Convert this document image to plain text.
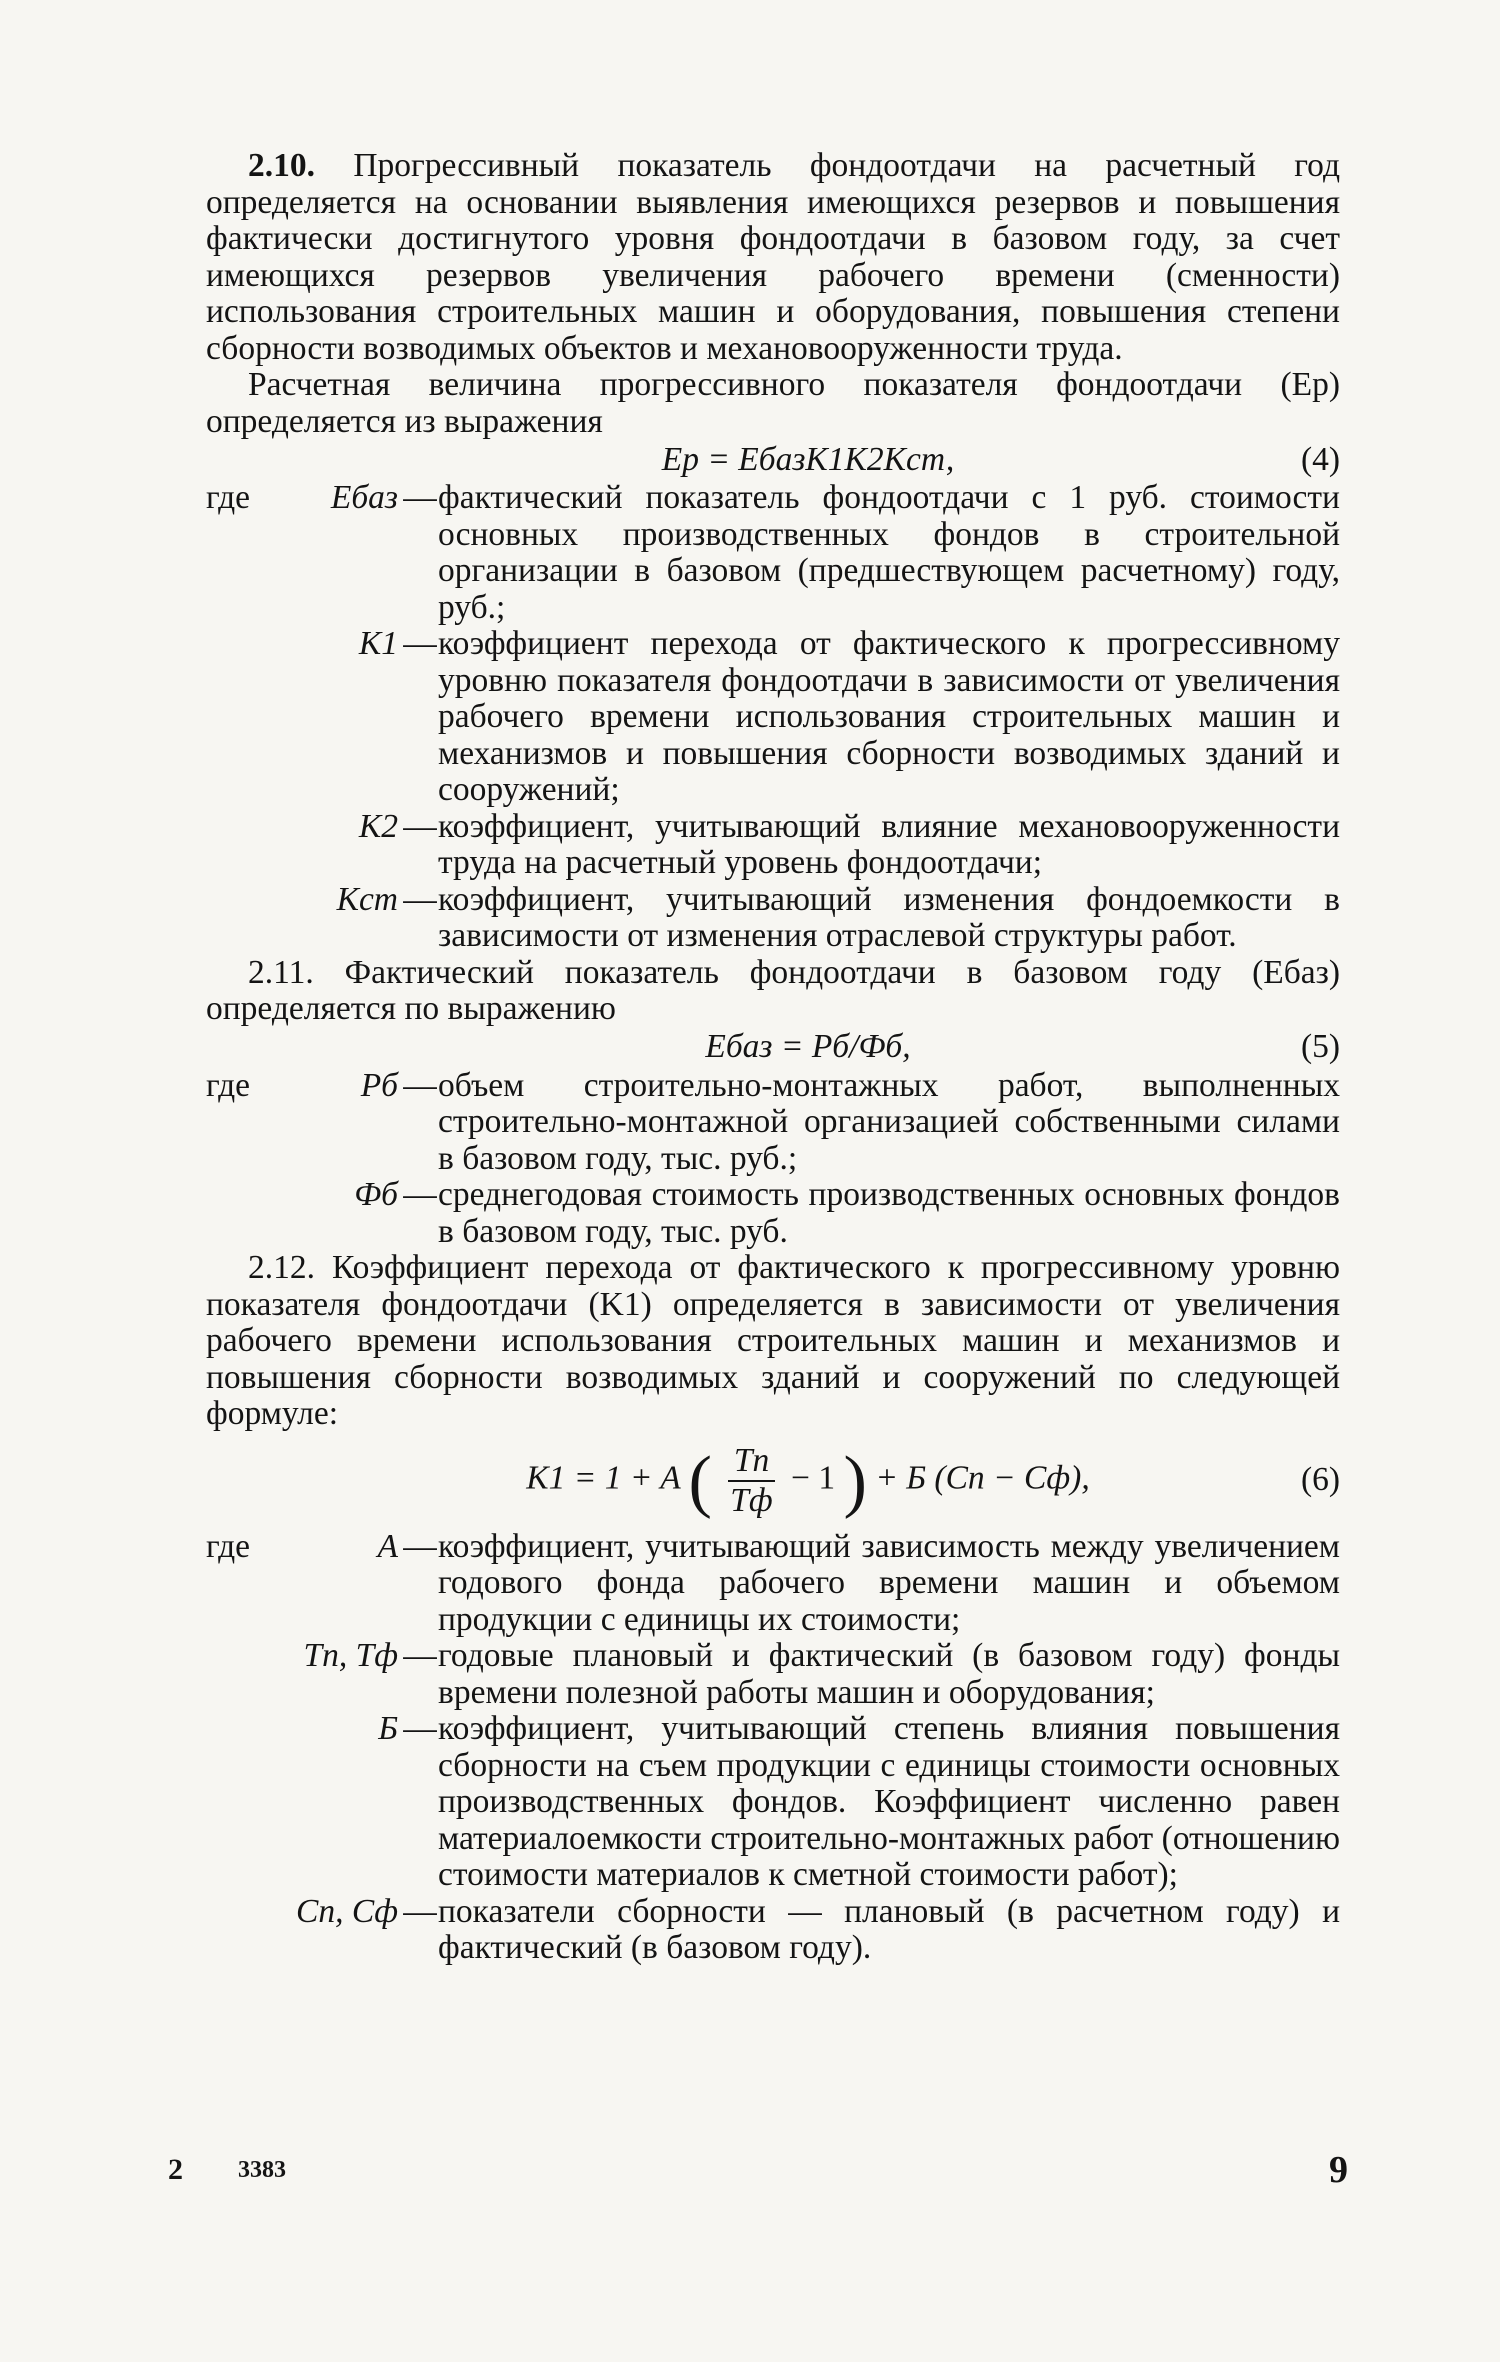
2.10. Прогрессивный показатель фондоотдачи на расчетный год определяется на основании выявления имеющихся резервов и повышения фактически достигнутого уровня фондоотдачи в базовом году, за счет имеющихся резервов увеличения рабочего времени (сменности) использования строительных машин и оборудования, повышения степени сборности возводимых объектов и механовооруженности труда.

Расчетная величина прогрессивного показателя фондоотдачи (Eр) определяется из выражения

Eр = EбазK1K2Kст,	(4)
где	Eбаз — фактический показатель фондоотдачи с 1 руб. стоимости основных производственных фондов в строительной организации в базовом (предшествующем расчетному) году, руб.;
K1 — коэффициент перехода от фактического к прогрессивному уровню показателя фондоотдачи в зависимости от увеличения рабочего времени использования строительных машин и механизмов и повышения сборности возводимых зданий и сооружений;
K2 — коэффициент, учитывающий влияние механовооруженности труда на расчетный уровень фондоотдачи;
Kст — коэффициент, учитывающий изменения фондоемкости в зависимости от изменения отраслевой структуры работ.

2.11. Фактический показатель фондоотдачи в базовом году (Eбаз) определяется по выражению

Eбаз = Pб/Фб,	(5)
где	Pб — объем строительно-монтажных работ, выполненных строительно-монтажной организацией собственными силами в базовом году, тыс. руб.;
Фб — среднегодовая стоимость производственных основных фондов в базовом году, тыс. руб.

2.12. Коэффициент перехода от фактического к прогрессивному уровню показателя фондоотдачи (K1) определяется в зависимости от увеличения рабочего времени использования строительных машин и механизмов и повышения сборности возводимых зданий и сооружений по следующей формуле:

K1 = 1 + A ( $\frac{Tп}{Tф} - 1$ ) + Б (Cп − Cф),	(6)
где	A — коэффициент, учитывающий зависимость между увеличением годового фонда рабочего времени машин и объемом продукции с единицы их стоимости;
Tп, Tф — годовые плановый и фактический (в базовом году) фонды времени полезной работы машин и оборудования;
Б — коэффициент, учитывающий степень влияния повышения сборности на съем продукции с единицы стоимости основных производственных фондов. Коэффициент численно равен материалоемкости строительно-монтажных работ (отношению стоимости материалов к сметной стоимости работ);
Cп, Cф — показатели сборности — плановый (в расчетном году) и фактический (в базовом году).
2	3383	9
